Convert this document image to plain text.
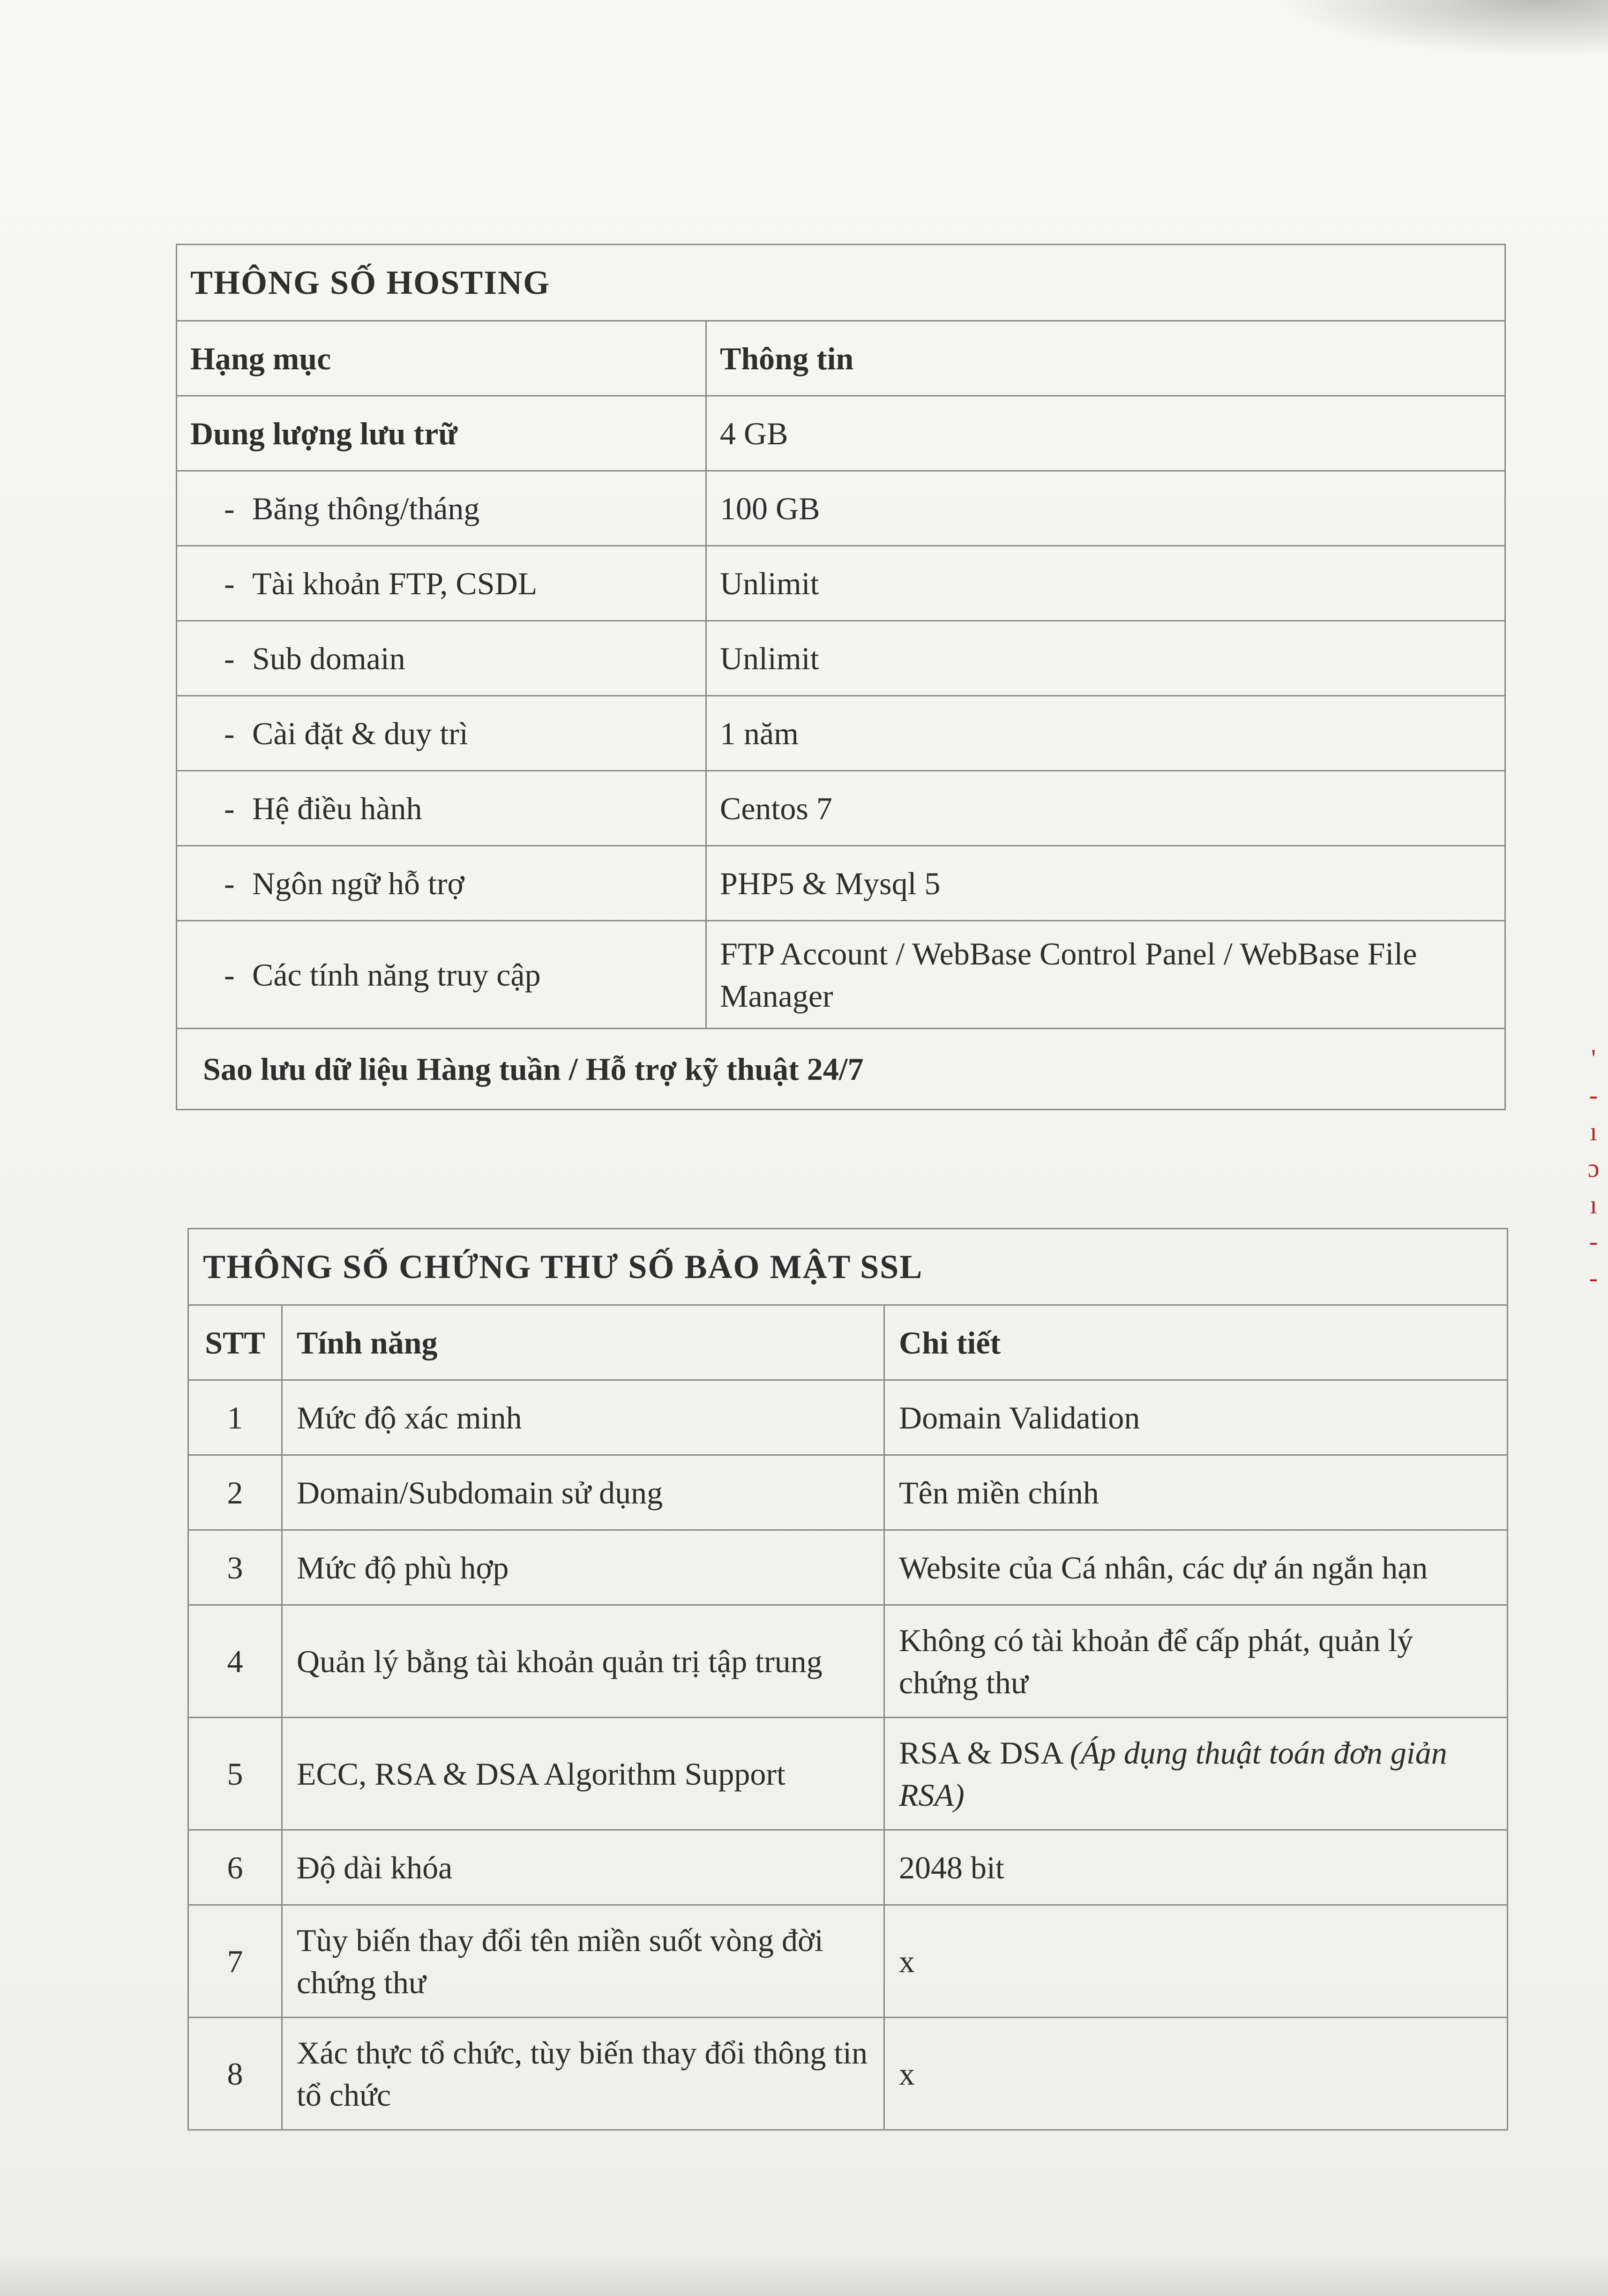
'
-
ı
ɔ
ı
-
-
THÔNG SỐ HOSTING	
Hạng mục	Thông tin
Dung lượng lưu trữ	4 GB
- Băng thông/tháng	100 GB
- Tài khoản FTP, CSDL	Unlimit
- Sub domain	Unlimit
- Cài đặt & duy trì	1 năm
- Hệ điều hành	Centos 7
- Ngôn ngữ hỗ trợ	PHP5 & Mysql 5
- Các tính năng truy cập	FTP Account / WebBase Control Panel / WebBase File Manager
Sao lưu dữ liệu Hàng tuần / Hỗ trợ kỹ thuật 24/7	
THÔNG SỐ CHỨNG THƯ SỐ BẢO MẬT SSL		
STT	Tính năng	Chi tiết
1	Mức độ xác minh	Domain Validation
2	Domain/Subdomain sử dụng	Tên miền chính
3	Mức độ phù hợp	Website của Cá nhân, các dự án ngắn hạn
4	Quản lý bằng tài khoản quản trị tập trung	Không có tài khoản để cấp phát, quản lý chứng thư
5	ECC, RSA & DSA Algorithm Support	RSA & DSA (Áp dụng thuật toán đơn giản RSA)
6	Độ dài khóa	2048 bit
7	Tùy biến thay đổi tên miền suốt vòng đời chứng thư	x
8	Xác thực tổ chức, tùy biến thay đổi thông tin tổ chức	x
